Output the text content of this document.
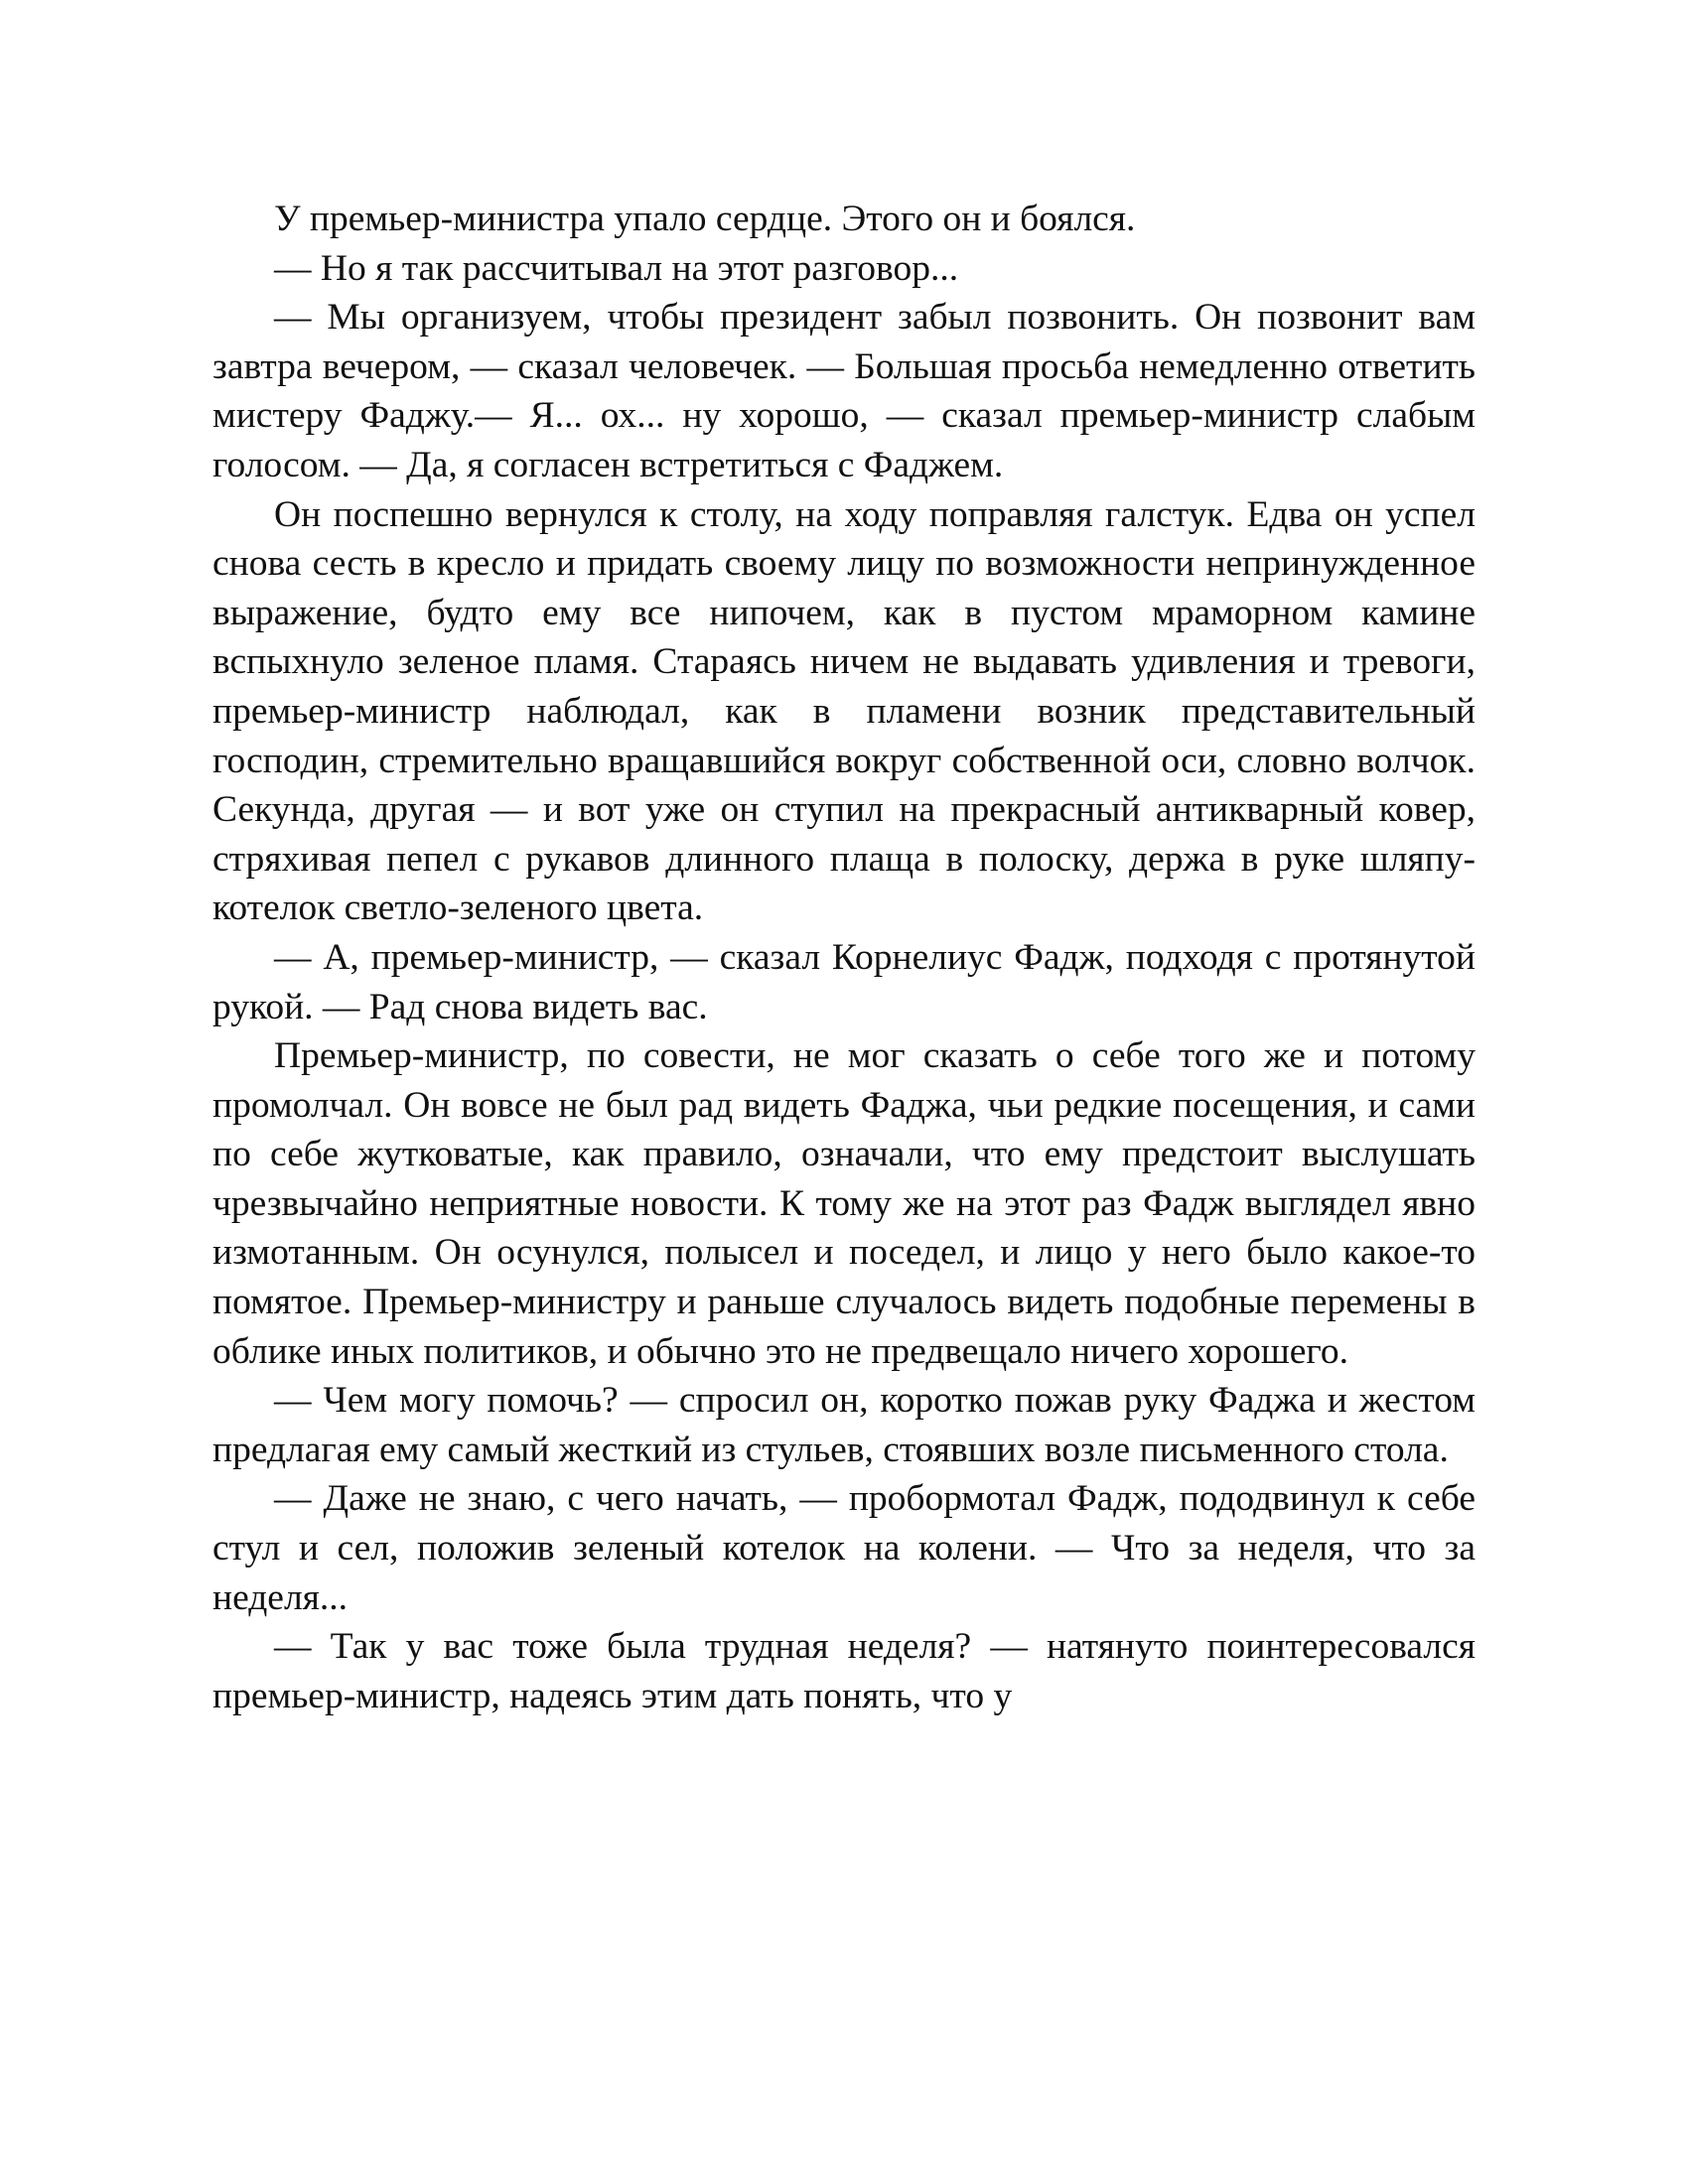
У премьер-министра упало сердце. Этого он и боялся.

— Но я так рассчитывал на этот разговор...

— Мы организуем, чтобы президент забыл позвонить. Он позвонит вам завтра вечером, — сказал человечек. — Большая просьба немедленно ответить мистеру Фаджу.— Я... ох... ну хорошо, — сказал премьер-министр слабым голосом. — Да, я согласен встретиться с Фаджем.

Он поспешно вернулся к столу, на ходу поправляя галстук. Едва он успел снова сесть в кресло и придать своему лицу по возможности непринужденное выражение, будто ему все нипочем, как в пустом мраморном камине вспыхнуло зеленое пламя. Стараясь ничем не выдавать удивления и тревоги, премьер-министр наблюдал, как в пламени возник представительный господин, стремительно вращавшийся вокруг собственной оси, словно волчок. Секунда, другая — и вот уже он ступил на прекрасный антикварный ковер, стряхивая пепел с рукавов длинного плаща в полоску, держа в руке шляпу-котелок светло-зеленого цвета.

— А, премьер-министр, — сказал Корнелиус Фадж, подходя с протянутой рукой. — Рад снова видеть вас.

Премьер-министр, по совести, не мог сказать о себе того же и потому промолчал. Он вовсе не был рад видеть Фаджа, чьи редкие посещения, и сами по себе жутковатые, как правило, означали, что ему предстоит выслушать чрезвычайно неприятные новости. К тому же на этот раз Фадж выглядел явно измотанным. Он осунулся, полысел и поседел, и лицо у него было какое-то помятое. Премьер-министру и раньше случалось видеть подобные перемены в облике иных политиков, и обычно это не предвещало ничего хорошего.

— Чем могу помочь? — спросил он, коротко пожав руку Фаджа и жестом предлагая ему самый жесткий из стульев, стоявших возле письменного стола.

— Даже не знаю, с чего начать, — пробормотал Фадж, пододвинул к себе стул и сел, положив зеленый котелок на колени. — Что за неделя, что за неделя...

— Так у вас тоже была трудная неделя? — натянуто поинтересовался премьер-министр, надеясь этим дать понять, что у
